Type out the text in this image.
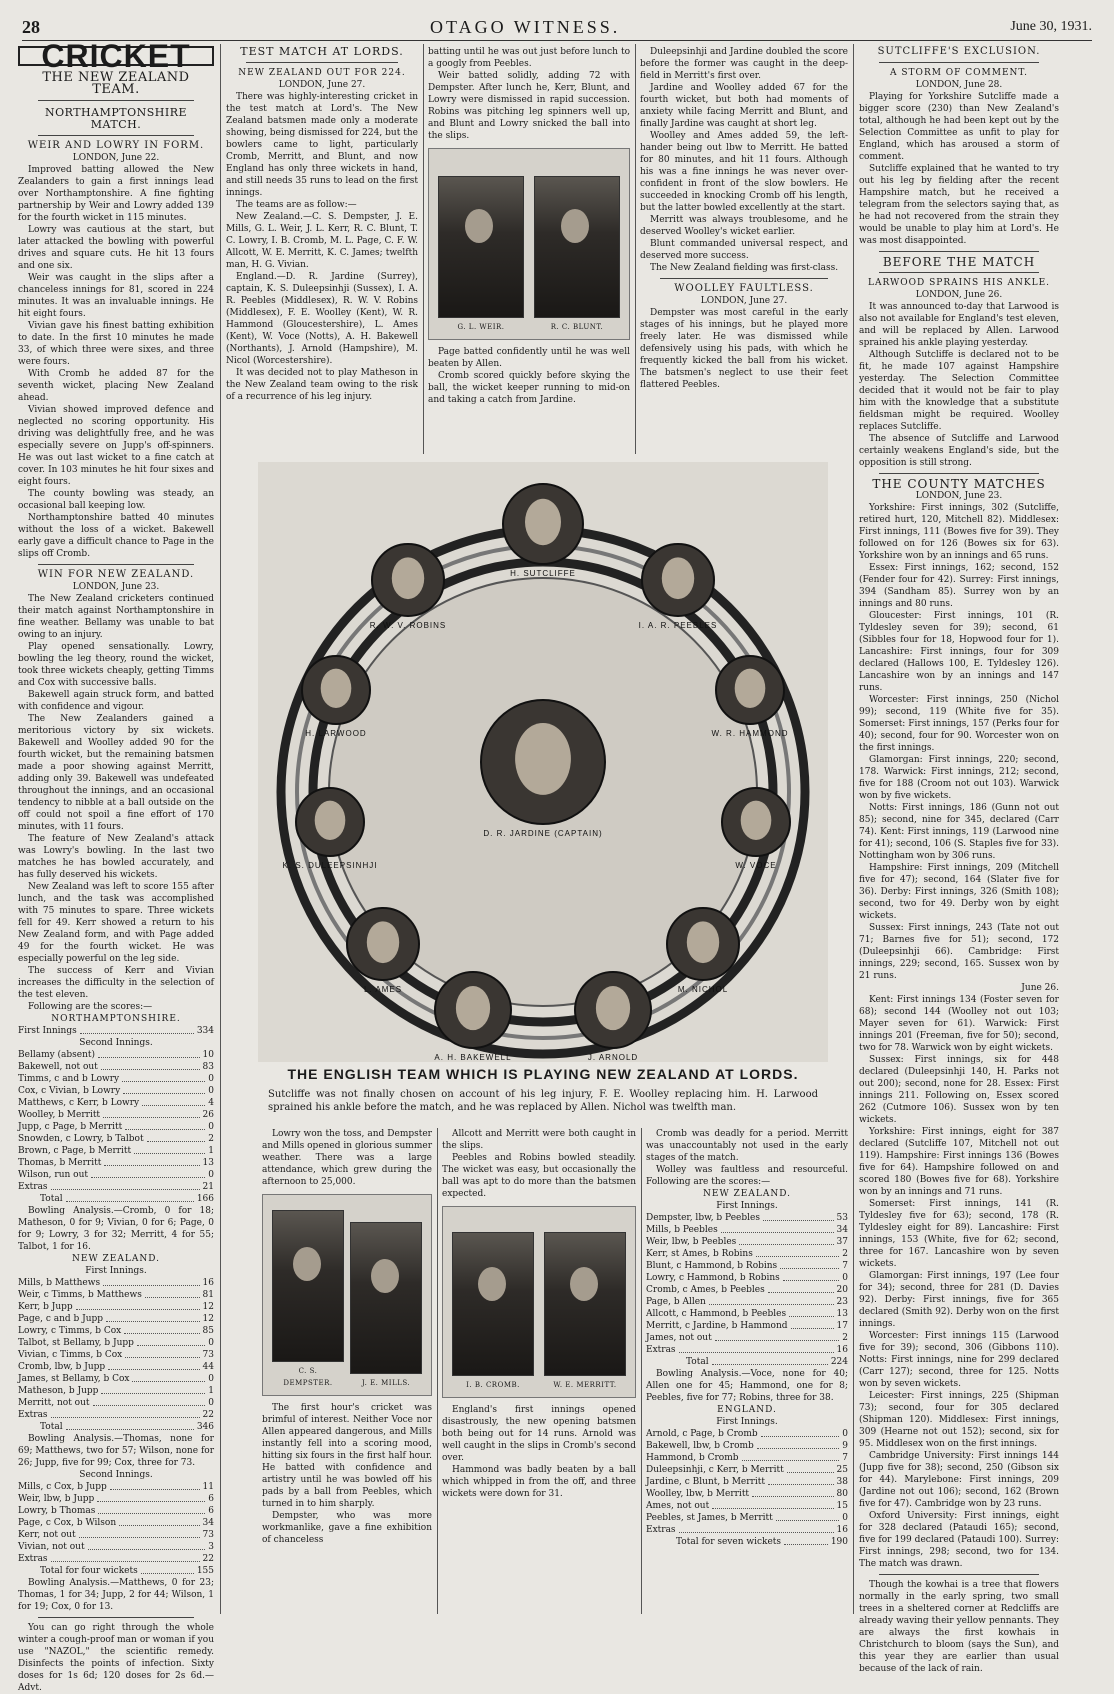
28	OTAGO WITNESS.	June 30, 1931.
CRICKET
THE NEW ZEALAND TEAM.
NORTHAMPTONSHIRE MATCH.

WEIR AND LOWRY IN FORM.

LONDON, June 22.

Improved batting allowed the New Zealanders to gain a first innings lead over Northamptonshire. A fine fighting partnership by Weir and Lowry added 139 for the fourth wicket in 115 minutes.

Lowry was cautious at the start, but later attacked the bowling with powerful drives and square cuts. He hit 13 fours and one six.

Weir was caught in the slips after a chanceless innings for 81, scored in 224 minutes. It was an invaluable innings. He hit eight fours.

Vivian gave his finest batting exhibition to date. In the first 10 minutes he made 33, of which three were sixes, and three were fours.

With Cromb he added 87 for the seventh wicket, placing New Zealand ahead.

Vivian showed improved defence and neglected no scoring opportunity. His driving was delightfully free, and he was especially severe on Jupp's off-spinners. He was out last wicket to a fine catch at cover. In 103 minutes he hit four sixes and eight fours.

The county bowling was steady, an occasional ball keeping low.

Northamptonshire batted 40 minutes without the loss of a wicket. Bakewell early gave a difficult chance to Page in the slips off Cromb.

WIN FOR NEW ZEALAND.

LONDON, June 23.

The New Zealand cricketers continued their match against Northamptonshire in fine weather. Bellamy was unable to bat owing to an injury.

Play opened sensationally. Lowry, bowling the leg theory, round the wicket, took three wickets cheaply, getting Timms and Cox with successive balls.

Bakewell again struck form, and batted with confidence and vigour.

The New Zealanders gained a meritorious victory by six wickets. Bakewell and Woolley added 90 for the fourth wicket, but the remaining batsmen made a poor showing against Merritt, adding only 39. Bakewell was undefeated throughout the innings, and an occasional tendency to nibble at a ball outside on the off could not spoil a fine effort of 170 minutes, with 11 fours.

The feature of New Zealand's attack was Lowry's bowling. In the last two matches he has bowled accurately, and has fully deserved his wickets.

New Zealand was left to score 155 after lunch, and the task was accomplished with 75 minutes to spare. Three wickets fell for 49. Kerr showed a return to his New Zealand form, and with Page added 49 for the fourth wicket. He was especially powerful on the leg side.

The success of Kerr and Vivian increases the difficulty in the selection of the test eleven.

Following are the scores:—

NORTHAMPTONSHIRE.

First Innings	334

Second Innings.

Bellamy (absent)	10
Bakewell, not out	83
Timms, c and b Lowry	0
Cox, c Vivian, b Lowry	0
Matthews, c Kerr, b Lowry	4
Woolley, b Merritt	26
Jupp, c Page, b Merritt	0
Snowden, c Lowry, b Talbot	2
Brown, c Page, b Merritt	1
Thomas, b Merritt	13
Wilson, run out	0
Extras	21
Total	166

Bowling Analysis.—Cromb, 0 for 18; Matheson, 0 for 9; Vivian, 0 for 6; Page, 0 for 9; Lowry, 3 for 32; Merritt, 4 for 55; Talbot, 1 for 16.

NEW ZEALAND.

First Innings.

Mills, b Matthews	16
Weir, c Timms, b Matthews	81
Kerr, b Jupp	12
Page, c and b Jupp	12
Lowry, c Timms, b Cox	85
Talbot, st Bellamy, b Jupp	0
Vivian, c Timms, b Cox	73
Cromb, lbw, b Jupp	44
James, st Bellamy, b Cox	0
Matheson, b Jupp	1
Merritt, not out	0
Extras	22
Total	346

Bowling Analysis.—Thomas, none for 69; Matthews, two for 57; Wilson, none for 26; Jupp, five for 99; Cox, three for 73.

Second Innings.

Mills, c Cox, b Jupp	11
Weir, lbw, b Jupp	6
Lowry, b Thomas	6
Page, c Cox, b Wilson	34
Kerr, not out	73
Vivian, not out	3
Extras	22
Total for four wickets	155

Bowling Analysis.—Matthews, 0 for 23; Thomas, 1 for 34; Jupp, 2 for 44; Wilson, 1 for 19; Cox, 0 for 13.

You can go right through the whole winter a cough-proof man or woman if you use "NAZOL," the scientific remedy. Disinfects the points of infection. Sixty doses for 1s 6d; 120 doses for 2s 6d.—Advt.

TEST MATCH AT LORDS.

NEW ZEALAND OUT FOR 224.

LONDON, June 27.

There was highly-interesting cricket in the test match at Lord's. The New Zealand batsmen made only a moderate showing, being dismissed for 224, but the bowlers came to light, particularly Cromb, Merritt, and Blunt, and now England has only three wickets in hand, and still needs 35 runs to lead on the first innings.

The teams are as follow:—

New Zealand.—C. S. Dempster, J. E. Mills, G. L. Weir, J. L. Kerr, R. C. Blunt, T. C. Lowry, I. B. Cromb, M. L. Page, C. F. W. Allcott, W. E. Merritt, K. C. James; twelfth man, H. G. Vivian.

England.—D. R. Jardine (Surrey), captain, K. S. Duleepsinhji (Sussex), I. A. R. Peebles (Middlesex), R. W. V. Robins (Middlesex), F. E. Woolley (Kent), W. R. Hammond (Gloucestershire), L. Ames (Kent), W. Voce (Notts), A. H. Bakewell (Northants), J. Arnold (Hampshire), M. Nicol (Worcestershire).

It was decided not to play Matheson in the New Zealand team owing to the risk of a recurrence of his leg injury.

batting until he was out just before lunch to a googly from Peebles.

Weir batted solidly, adding 72 with Dempster. After lunch he, Kerr, Blunt, and Lowry were dismissed in rapid succession. Robins was pitching leg spinners well up, and Blunt and Lowry snicked the ball into the slips.

G. L. WEIR.	R. C. BLUNT.

Page batted confidently until he was well beaten by Allen.

Cromb scored quickly before skying the ball, the wicket keeper running to mid-on and taking a catch from Jardine.

Duleepsinhji and Jardine doubled the score before the former was caught in the deep-field in Merritt's first over.

Jardine and Woolley added 67 for the fourth wicket, but both had moments of anxiety while facing Merritt and Blunt, and finally Jardine was caught at short leg.

Woolley and Ames added 59, the left-hander being out lbw to Merritt. He batted for 80 minutes, and hit 11 fours. Although his was a fine innings he was never over-confident in front of the slow bowlers. He succeeded in knocking Cromb off his length, but the latter bowled excellently at the start.

Merritt was always troublesome, and he deserved Woolley's wicket earlier.

Blunt commanded universal respect, and deserved more success.

The New Zealand fielding was first-class.

WOOLLEY FAULTLESS.

LONDON, June 27.

Dempster was most careful in the early stages of his innings, but he played more freely later. He was dismissed while defensively using his pads, with which he frequently kicked the ball from his wicket. The batsmen's neglect to use their feet flattered Peebles.

SUTCLIFFE'S EXCLUSION.

A STORM OF COMMENT.

LONDON, June 28.

Playing for Yorkshire Sutcliffe made a bigger score (230) than New Zealand's total, although he had been kept out by the Selection Committee as unfit to play for England, which has aroused a storm of comment.

Sutcliffe explained that he wanted to try out his leg by fielding after the recent Hampshire match, but he received a telegram from the selectors saying that, as he had not recovered from the strain they would be unable to play him at Lord's. He was most disappointed.

BEFORE THE MATCH

LARWOOD SPRAINS HIS ANKLE.

LONDON, June 26.

It was announced to-day that Larwood is also not available for England's test eleven, and will be replaced by Allen. Larwood sprained his ankle playing yesterday.

Although Sutcliffe is declared not to be fit, he made 107 against Hampshire yesterday. The Selection Committee decided that it would not be fair to play him with the knowledge that a substitute fieldsman might be required. Woolley replaces Sutcliffe.

The absence of Sutcliffe and Larwood certainly weakens England's side, but the opposition is still strong.

THE COUNTY MATCHES

LONDON, June 23.

Yorkshire: First innings, 302 (Sutcliffe, retired hurt, 120, Mitchell 82). Middlesex: First innings, 111 (Bowes five for 39). They followed on for 126 (Bowes six for 63). Yorkshire won by an innings and 65 runs.

Essex: First innings, 162; second, 152 (Fender four for 42). Surrey: First innings, 394 (Sandham 85). Surrey won by an innings and 80 runs.

Gloucester: First innings, 101 (R. Tyldesley seven for 39); second, 61 (Sibbles four for 18, Hopwood four for 1). Lancashire: First innings, four for 309 declared (Hallows 100, E. Tyldesley 126). Lancashire won by an innings and 147 runs.

Worcester: First innings, 250 (Nichol 99); second, 119 (White five for 35). Somerset: First innings, 157 (Perks four for 40); second, four for 90. Worcester won on the first innings.

Glamorgan: First innings, 220; second, 178. Warwick: First innings, 212; second, five for 188 (Croom not out 103). Warwick won by five wickets.

Notts: First innings, 186 (Gunn not out 85); second, nine for 345, declared (Carr 74). Kent: First innings, 119 (Larwood nine for 41); second, 106 (S. Staples five for 33). Nottingham won by 306 runs.

Hampshire: First innings, 209 (Mitchell five for 47); second, 164 (Slater five for 36). Derby: First innings, 326 (Smith 108); second, two for 49. Derby won by eight wickets.

Sussex: First innings, 243 (Tate not out 71; Barnes five for 51); second, 172 (Duleepsinhji 66). Cambridge: First innings, 229; second, 165. Sussex won by 21 runs.

June 26.

Kent: First innings 134 (Foster seven for 68); second 144 (Woolley not out 103; Mayer seven for 61). Warwick: First innings 201 (Freeman, five for 50); second, two for 78. Warwick won by eight wickets.

Sussex: First innings, six for 448 declared (Duleepsinhji 140, H. Parks not out 200); second, none for 28. Essex: First innings 211. Following on, Essex scored 262 (Cutmore 106). Sussex won by ten wickets.

Yorkshire: First innings, eight for 387 declared (Sutcliffe 107, Mitchell not out 119). Hampshire: First innings 136 (Bowes five for 64). Hampshire followed on and scored 180 (Bowes five for 68). Yorkshire won by an innings and 71 runs.

Somerset: First innings, 141 (R. Tyldesley five for 63); second, 178 (R. Tyldesley eight for 89). Lancashire: First innings, 153 (White, five for 62; second, three for 167. Lancashire won by seven wickets.

Glamorgan: First innings, 197 (Lee four for 34); second, three for 281 (D. Davies 92). Derby: First innings, five for 365 declared (Smith 92). Derby won on the first innings.

Worcester: First innings 115 (Larwood five for 39); second, 306 (Gibbons 110). Notts: First innings, nine for 299 declared (Carr 127); second, three for 125. Notts won by seven wickets.

Leicester: First innings, 225 (Shipman 73); second, four for 305 declared (Shipman 120). Middlesex: First innings, 309 (Hearne not out 152); second, six for 95. Middlesex won on the first innings.

Cambridge University: First innings 144 (Jupp five for 38); second, 250 (Gibson six for 44). Marylebone: First innings, 209 (Jardine not out 106); second, 162 (Brown five for 47). Cambridge won by 23 runs.

Oxford University: First innings, eight for 328 declared (Pataudi 165); second, five for 199 declared (Pataudi 100). Surrey: First innings, 298; second, two for 134. The match was drawn.

Though the kowhai is a tree that flowers normally in the early spring, two small trees in a sheltered corner at Redcliffs are already waving their yellow pennants. They are always the first kowhais in Christchurch to bloom (says the Sun), and this year they are earlier than usual because of the lack of rain.

H. SUTCLIFFE
R. W. V. ROBINS	I. A. R. PEEBLES
H. LARWOOD	W. R. HAMMOND
K. S. DULEEPSINHJI	W. VOCE
D. R. JARDINE (CAPTAIN)
L. AMES	M. NICHOL
A. H. BAKEWELL	J. ARNOLD
THE ENGLISH TEAM WHICH IS PLAYING NEW ZEALAND AT LORDS.
Sutcliffe was not finally chosen on account of his leg injury, F. E. Woolley replacing him. H. Larwood sprained his ankle before the match, and he was replaced by Allen. Nichol was twelfth man.

Lowry won the toss, and Dempster and Mills opened in glorious summer weather. There was a large attendance, which grew during the afternoon to 25,000.

C. S. DEMPSTER.	J. E. MILLS.

The first hour's cricket was brimful of interest. Neither Voce nor Allen appeared dangerous, and Mills instantly fell into a scoring mood, hitting six fours in the first half hour. He batted with confidence and artistry until he was bowled off his pads by a ball from Peebles, which turned in to him sharply.

Dempster, who was more workmanlike, gave a fine exhibition of chanceless

Allcott and Merritt were both caught in the slips.

Peebles and Robins bowled steadily. The wicket was easy, but occasionally the ball was apt to do more than the batsmen expected.

I. B. CROMB.	W. E. MERRITT.

England's first innings opened disastrously, the new opening batsmen both being out for 14 runs. Arnold was well caught in the slips in Cromb's second over.

Hammond was badly beaten by a ball which whipped in from the off, and three wickets were down for 31.

Cromb was deadly for a period. Merritt was unaccountably not used in the early stages of the match.

Wolley was faultless and resourceful. Following are the scores:—

NEW ZEALAND.

First Innings.

Dempster, lbw, b Peebles	53
Mills, b Peebles	34
Weir, lbw, b Peebles	37
Kerr, st Ames, b Robins	2
Blunt, c Hammond, b Robins	7
Lowry, c Hammond, b Robins	0
Cromb, c Ames, b Peebles	20
Page, b Allen	23
Allcott, c Hammond, b Peebles	13
Merritt, c Jardine, b Hammond	17
James, not out	2
Extras	16
Total	224

Bowling Analysis.—Voce, none for 40; Allen one for 45; Hammond, one for 8; Peebles, five for 77; Robins, three for 38.

ENGLAND.

First Innings.

Arnold, c Page, b Cromb	0
Bakewell, lbw, b Cromb	9
Hammond, b Cromb	7
Duleepsinhji, c Kerr, b Merritt	25
Jardine, c Blunt, b Merritt	38
Woolley, lbw, b Merritt	80
Ames, not out	15
Peebles, st James, b Merritt	0
Extras	16
Total for seven wickets	190
